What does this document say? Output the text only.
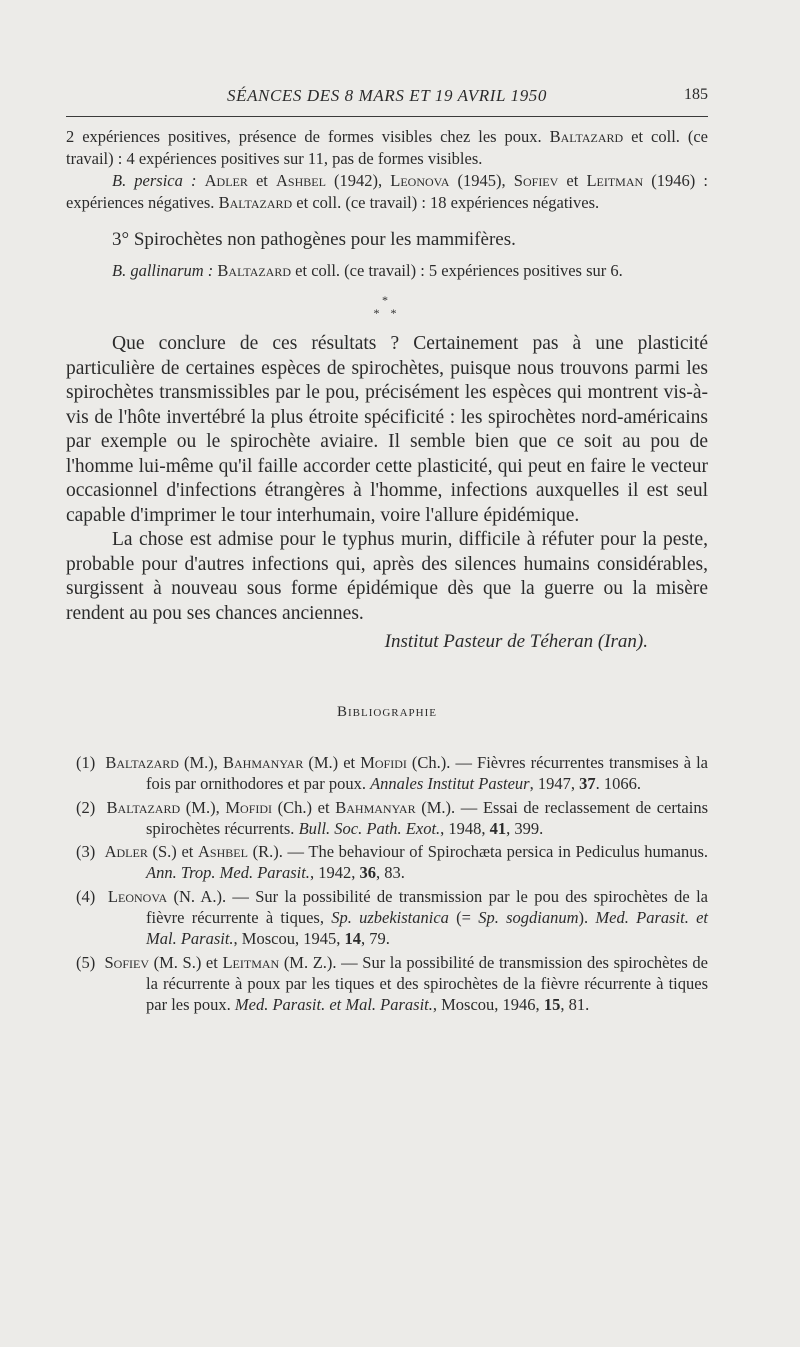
SÉANCES DES 8 MARS ET 19 AVRIL 1950	185

2 expériences positives, présence de formes visibles chez les poux. Baltazard et coll. (ce travail) : 4 expériences positives sur 11, pas de formes visibles.

B. persica : Adler et Ashbel (1942), Leonova (1945), Sofiev et Leitman (1946) : expériences négatives. Baltazard et coll. (ce travail) : 18 expériences négatives.

3° Spirochètes non pathogènes pour les mammifères.

B. gallinarum : Baltazard et coll. (ce travail) : 5 expériences positives sur 6.

*
* *

Que conclure de ces résultats ? Certainement pas à une plasticité particulière de certaines espèces de spirochètes, puisque nous trouvons parmi les spirochètes transmissibles par le pou, précisément les espèces qui montrent vis-à-vis de l'hôte invertébré la plus étroite spécificité : les spirochètes nord-américains par exemple ou le spirochète aviaire. Il semble bien que ce soit au pou de l'homme lui-même qu'il faille accorder cette plasticité, qui peut en faire le vecteur occasionnel d'infections étrangères à l'homme, infections auxquelles il est seul capable d'imprimer le tour interhumain, voire l'allure épidémique.

La chose est admise pour le typhus murin, difficile à réfuter pour la peste, probable pour d'autres infections qui, après des silences humains considérables, surgissent à nouveau sous forme épidémique dès que la guerre ou la misère rendent au pou ses chances anciennes.

Institut Pasteur de Téheran (Iran).
Bibliographie

(1) Baltazard (M.), Bahmanyar (M.) et Mofidi (Ch.). — Fièvres récurrentes transmises à la fois par ornithodores et par poux. Annales Institut Pasteur, 1947, 37. 1066.

(2) Baltazard (M.), Mofidi (Ch.) et Bahmanyar (M.). — Essai de reclassement de certains spirochètes récurrents. Bull. Soc. Path. Exot., 1948, 41, 399.

(3) Adler (S.) et Ashbel (R.). — The behaviour of Spirochæta persica in Pediculus humanus. Ann. Trop. Med. Parasit., 1942, 36, 83.

(4) Leonova (N. A.). — Sur la possibilité de transmission par le pou des spirochètes de la fièvre récurrente à tiques, Sp. uzbekistanica (= Sp. sogdianum). Med. Parasit. et Mal. Parasit., Moscou, 1945, 14, 79.

(5) Sofiev (M. S.) et Leitman (M. Z.). — Sur la possibilité de transmission des spirochètes de la récurrente à poux par les tiques et des spirochètes de la fièvre récurrente à tiques par les poux. Med. Parasit. et Mal. Parasit., Moscou, 1946, 15, 81.
